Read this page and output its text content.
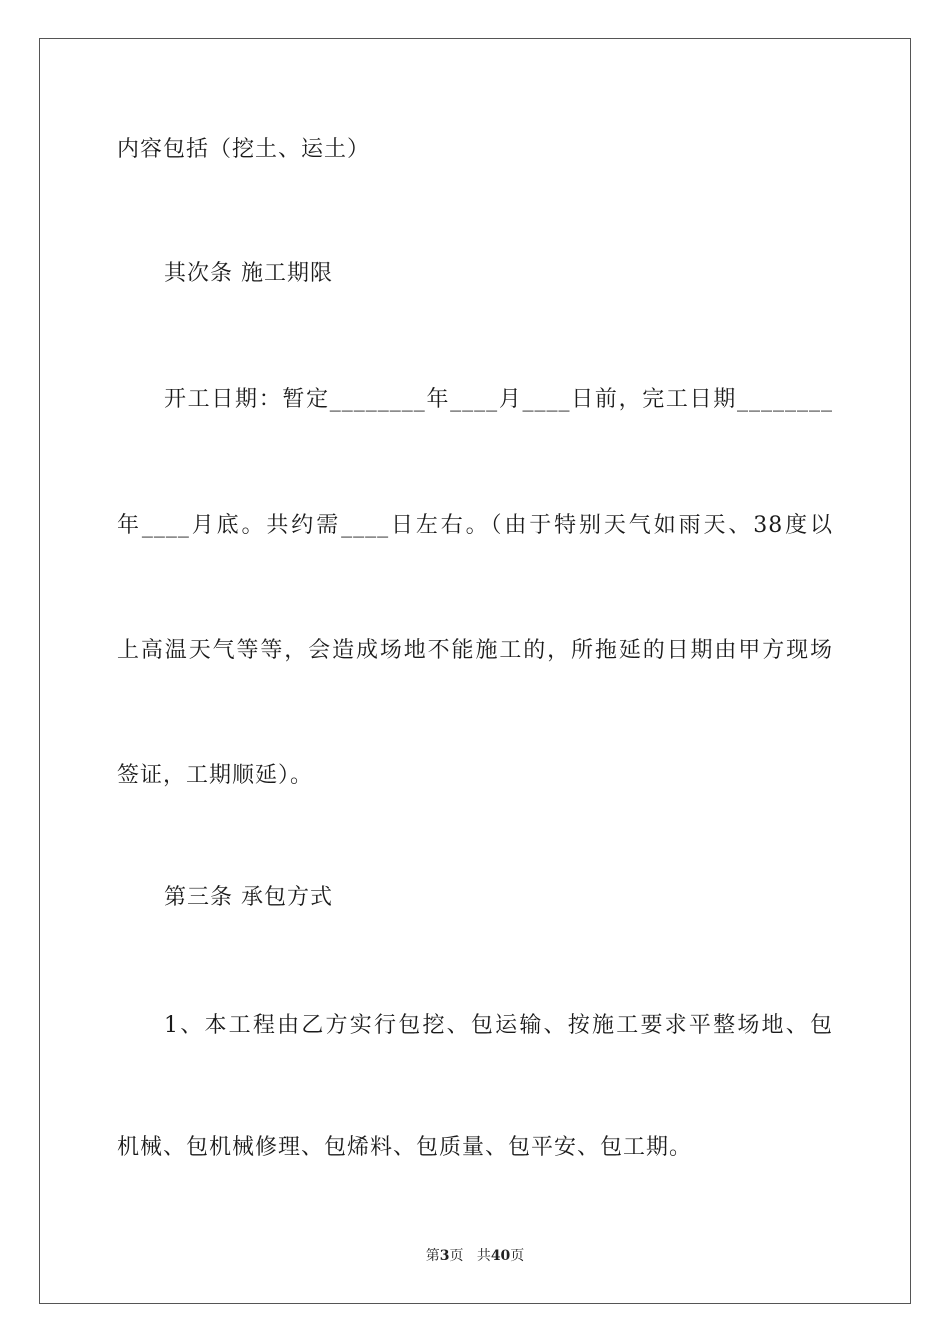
内容包括（挖土、运土）
其次条 施工期限
开工日期：暂定________年____月____日前，完工日期________
年____月底。共约需____日左右。（由于特别天气如雨天、38度以
上高温天气等等，会造成场地不能施工的，所拖延的日期由甲方现场
签证，工期顺延）。
第三条 承包方式
1、本工程由乙方实行包挖、包运输、按施工要求平整场地、包
机械、包机械修理、包烯料、包质量、包平安、包工期。
第3页 共40页
